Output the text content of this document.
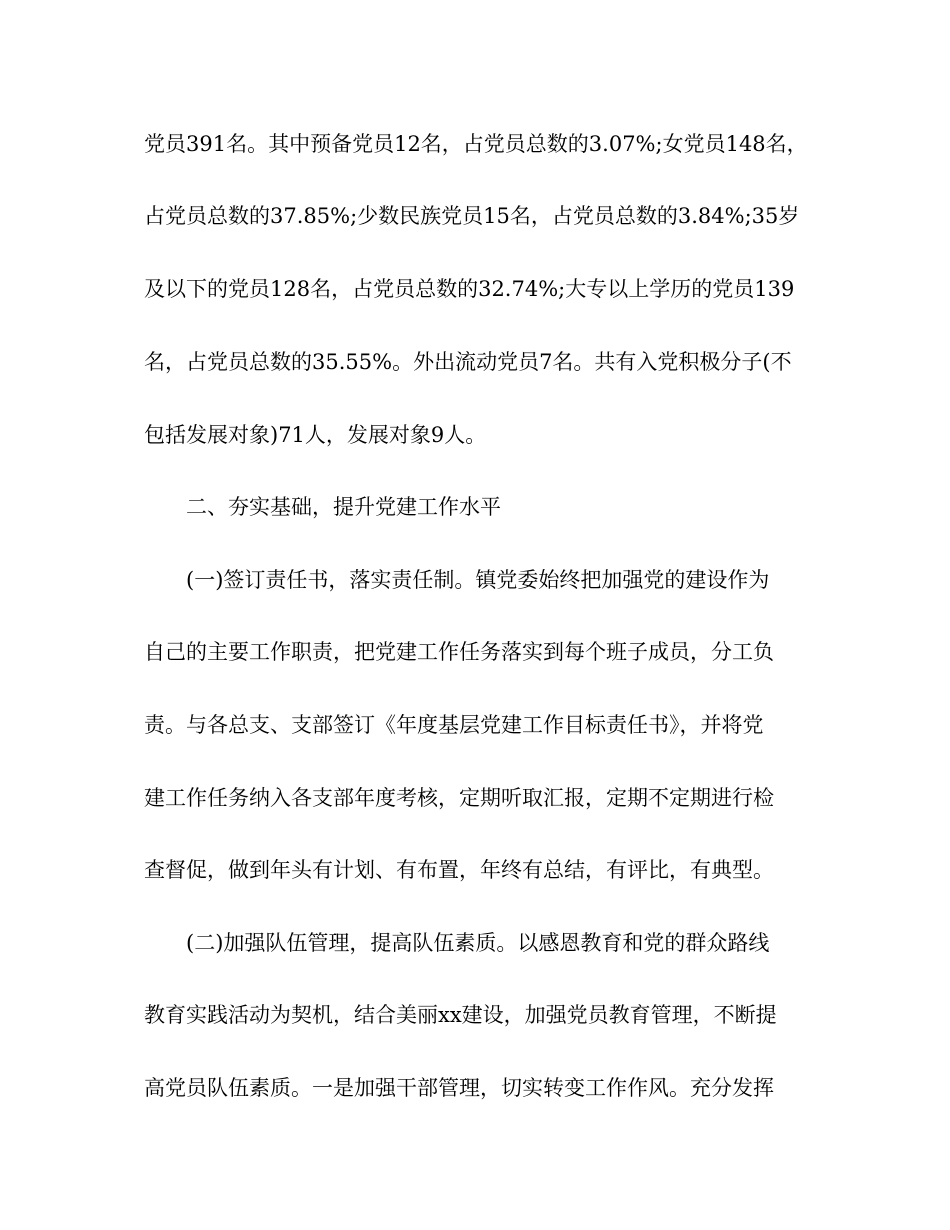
党员391名。其中预备党员12名，占党员总数的3.07%;女党员148名，

占党员总数的37.85%;少数民族党员15名，占党员总数的3.84%;35岁

及以下的党员128名，占党员总数的32.74%;大专以上学历的党员139

名，占党员总数的35.55%。外出流动党员7名。共有入党积极分子(不

包括发展对象)71人，发展对象9人。

二、夯实基础，提升党建工作水平

(一)签订责任书，落实责任制。镇党委始终把加强党的建设作为

自己的主要工作职责，把党建工作任务落实到每个班子成员，分工负

责。与各总支、支部签订《年度基层党建工作目标责任书》，并将党

建工作任务纳入各支部年度考核，定期听取汇报，定期不定期进行检

查督促，做到年头有计划、有布置，年终有总结，有评比，有典型。

(二)加强队伍管理，提高队伍素质。以感恩教育和党的群众路线

教育实践活动为契机，结合美丽xx建设，加强党员教育管理，不断提

高党员队伍素质。一是加强干部管理，切实转变工作作风。充分发挥
